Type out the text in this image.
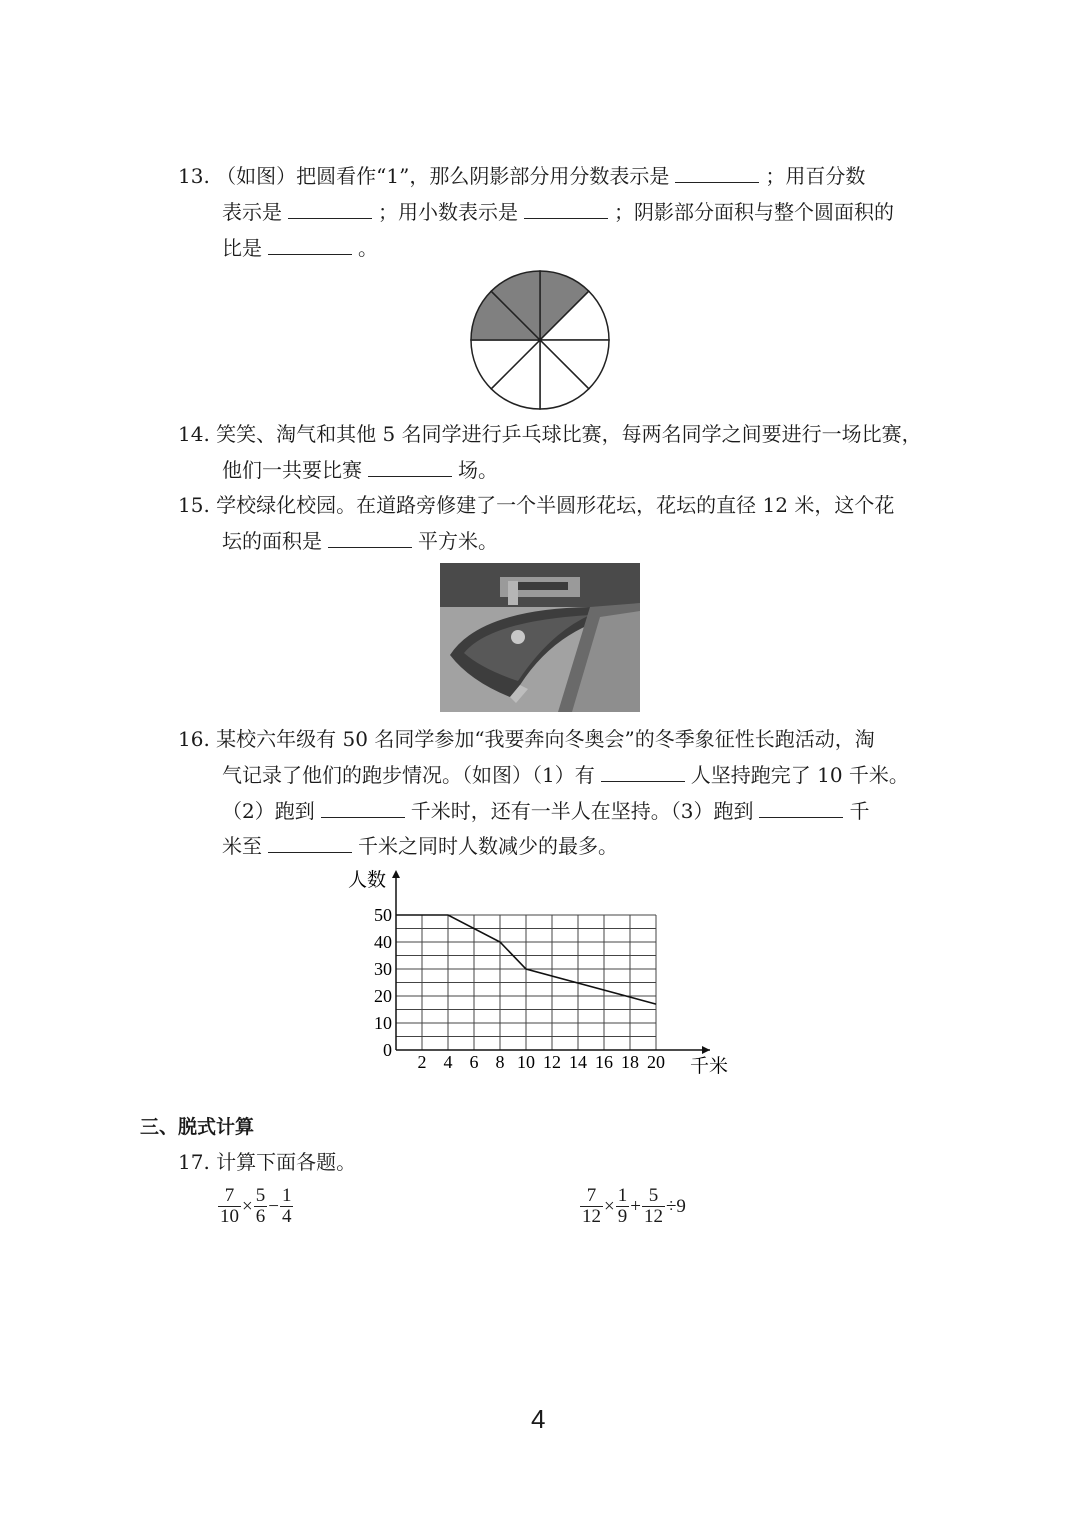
13. （如图）把圆看作“1”，那么阴影部分用分数表示是	；用百分数
表示是	；用小数表示是	；阴影部分面积与整个圆面积的
比是	。
14. 笑笑、淘气和其他 5 名同学进行乒乓球比赛，每两名同学之间要进行一场比赛，
他们一共要比赛	场。
15. 学校绿化校园。在道路旁修建了一个半圆形花坛，花坛的直径 12 米，这个花
坛的面积是	平方米。
16. 某校六年级有 50 名同学参加“我要奔向冬奥会”的冬季象征性长跑活动，淘
气记录了他们的跑步情况。（如图）（1）有	人坚持跑完了 10 千米。
（2）跑到	千米时，还有一半人在坚持。（3）跑到	千
米至	千米之同时人数减少的最多。
人数
千米
2 4 6 8 10 12 14 16 18 20
0
10
20
30
40
50
三、脱式计算
17. 计算下面各题。
$\frac{7}{10} \times \frac{5}{6} - \frac{1}{4}$	$\frac{7}{12} \times \frac{1}{9} + \frac{5}{12} \div 9$
4
